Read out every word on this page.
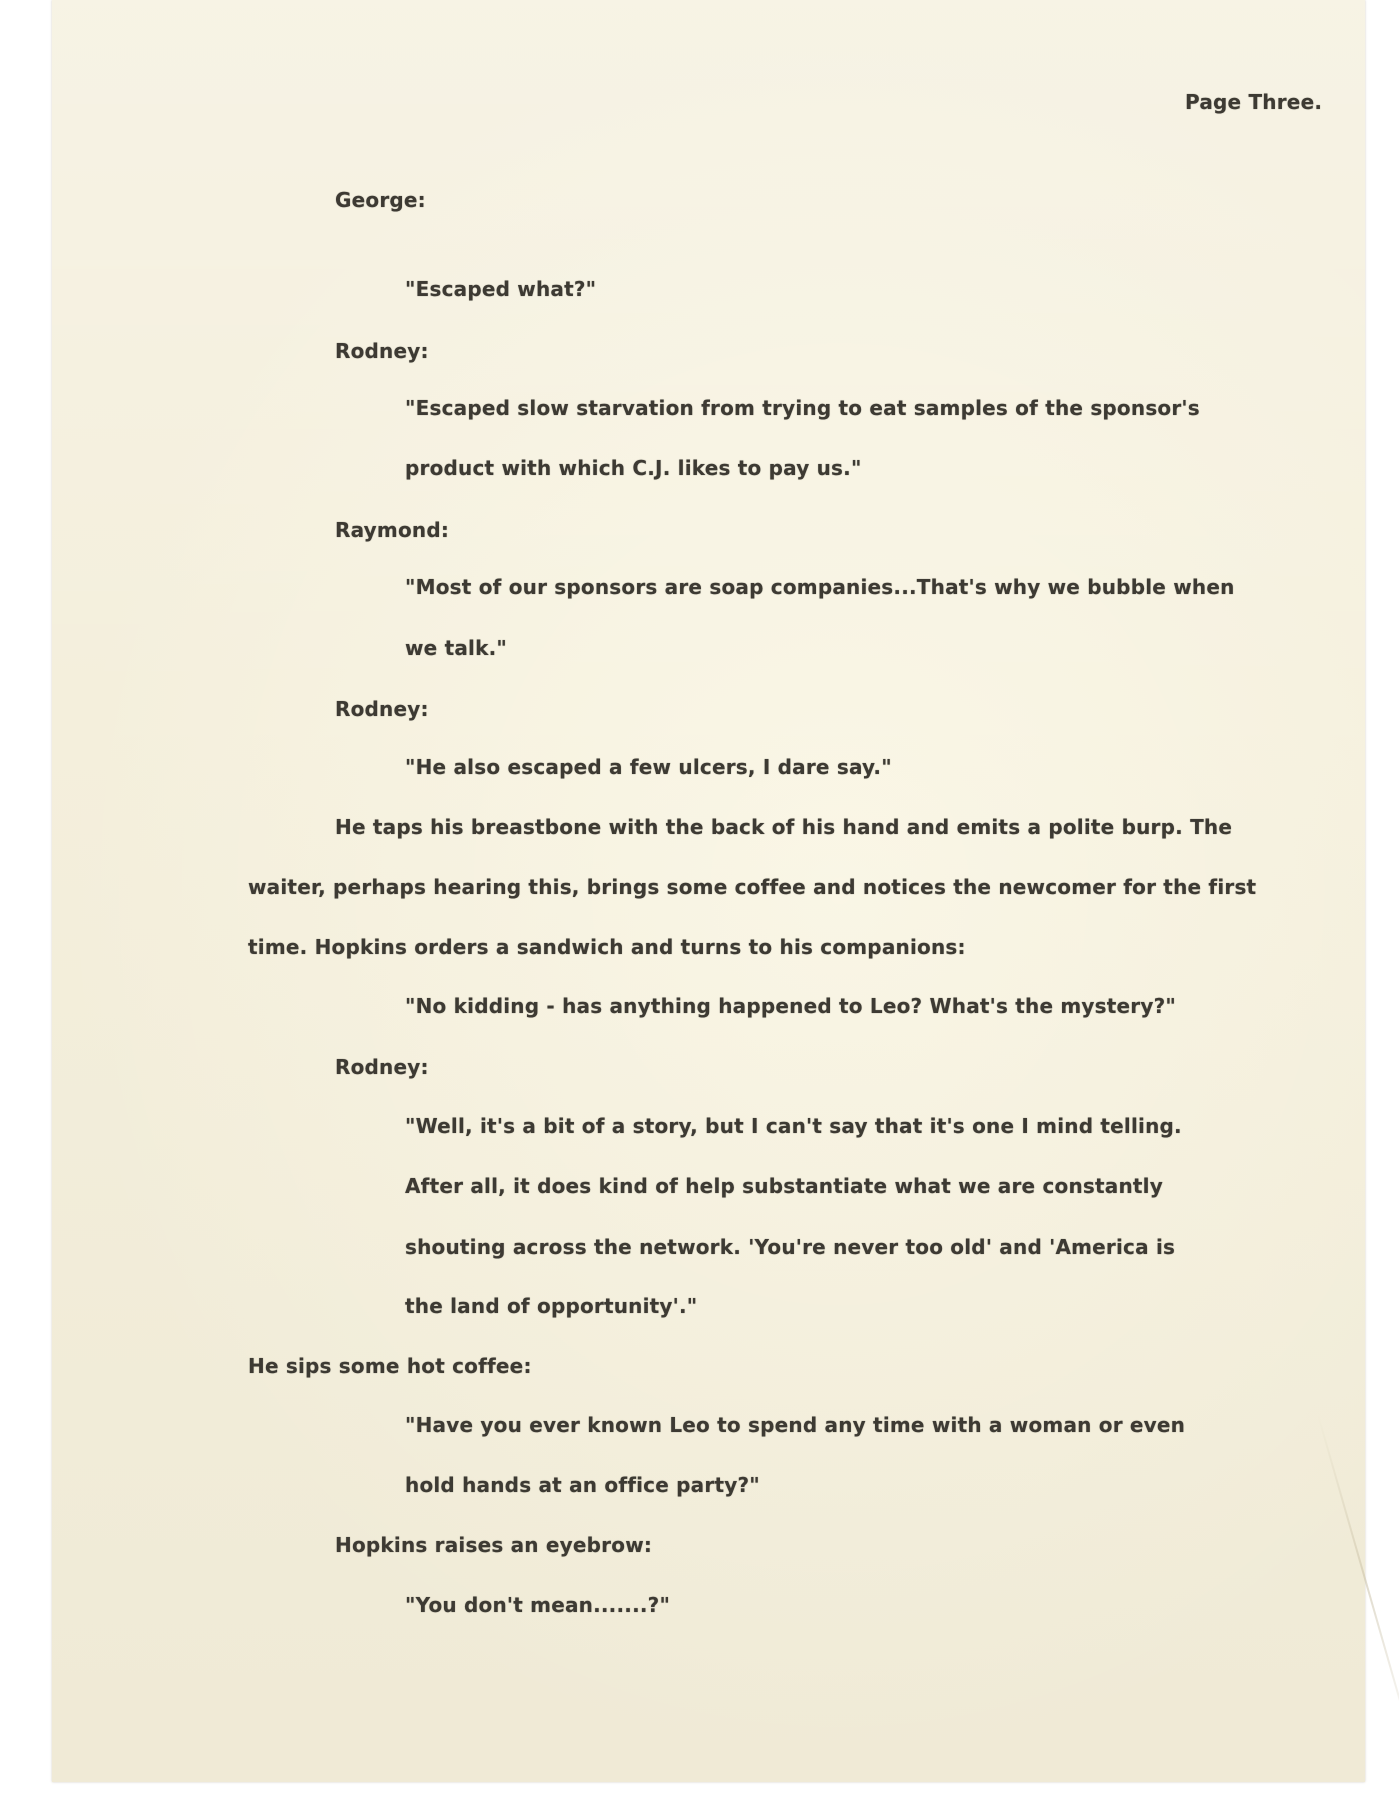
Page Three.
George:
"Escaped what?"
Rodney:
"Escaped slow starvation from trying to eat samples of the sponsor's
product with which C.J. likes to pay us."
Raymond:
"Most of our sponsors are soap companies...That's why we bubble when
we talk."
Rodney:
"He also escaped a few ulcers, I dare say."
He taps his breastbone with the back of his hand and emits a polite burp. The
waiter, perhaps hearing this, brings some coffee and notices the newcomer for the first
time. Hopkins orders a sandwich and turns to his companions:
"No kidding - has anything happened to Leo? What's the mystery?"
Rodney:
"Well, it's a bit of a story, but I can't say that it's one I mind telling.
After all, it does kind of help substantiate what we are constantly
shouting across the network. 'You're never too old' and 'America is
the land of opportunity'."
He sips some hot coffee:
"Have you ever known Leo to spend any time with a woman or even
hold hands at an office party?"
Hopkins raises an eyebrow:
"You don't mean.......?"
